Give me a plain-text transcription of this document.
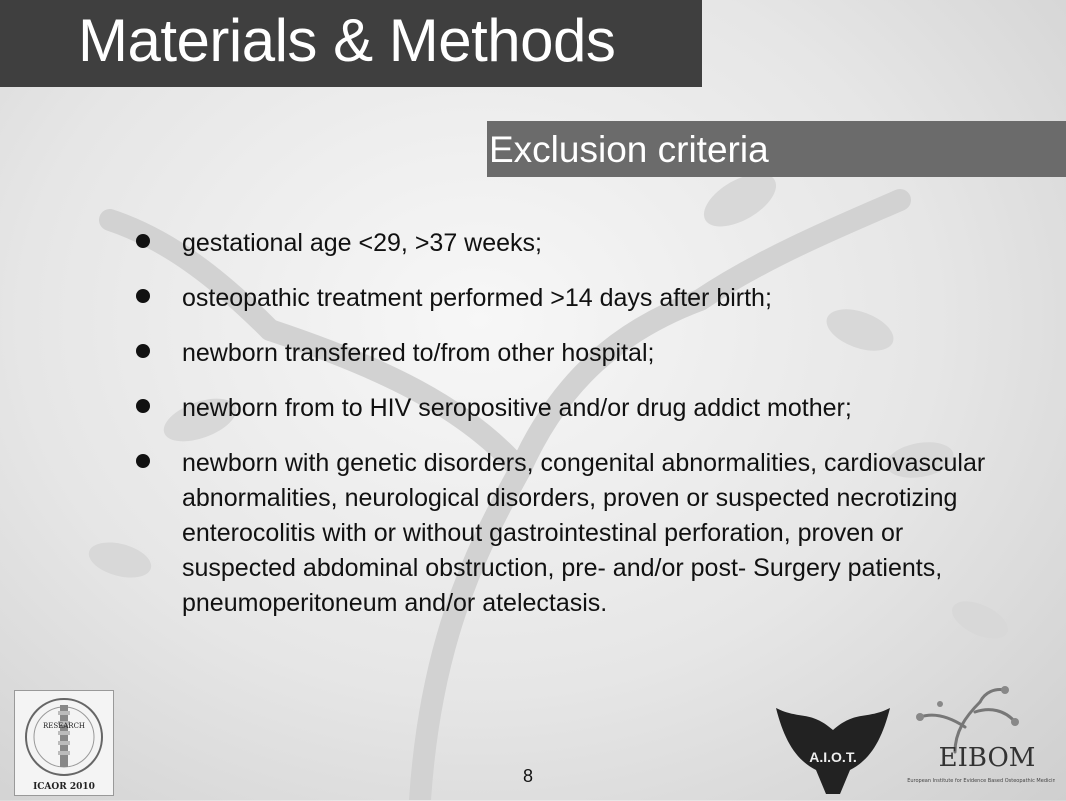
Materials & Methods
Exclusion criteria
gestational age <29, >37 weeks;
osteopathic treatment performed >14 days after birth;
newborn transferred to/from other hospital;
newborn from to HIV seropositive and/or drug addict mother;
newborn with genetic disorders, congenital abnormalities, cardiovascular abnormalities, neurological disorders, proven or suspected necrotizing enterocolitis with or without gastrointestinal perforation, proven or suspected abdominal obstruction, pre- and/or post- Surgery patients, pneumoperitoneum and/or atelectasis.
8
RESEARCH
ICAOR 2010
A.I.O.T.	EIBOM
European Institute for Evidence Based Osteopathic Medicine
